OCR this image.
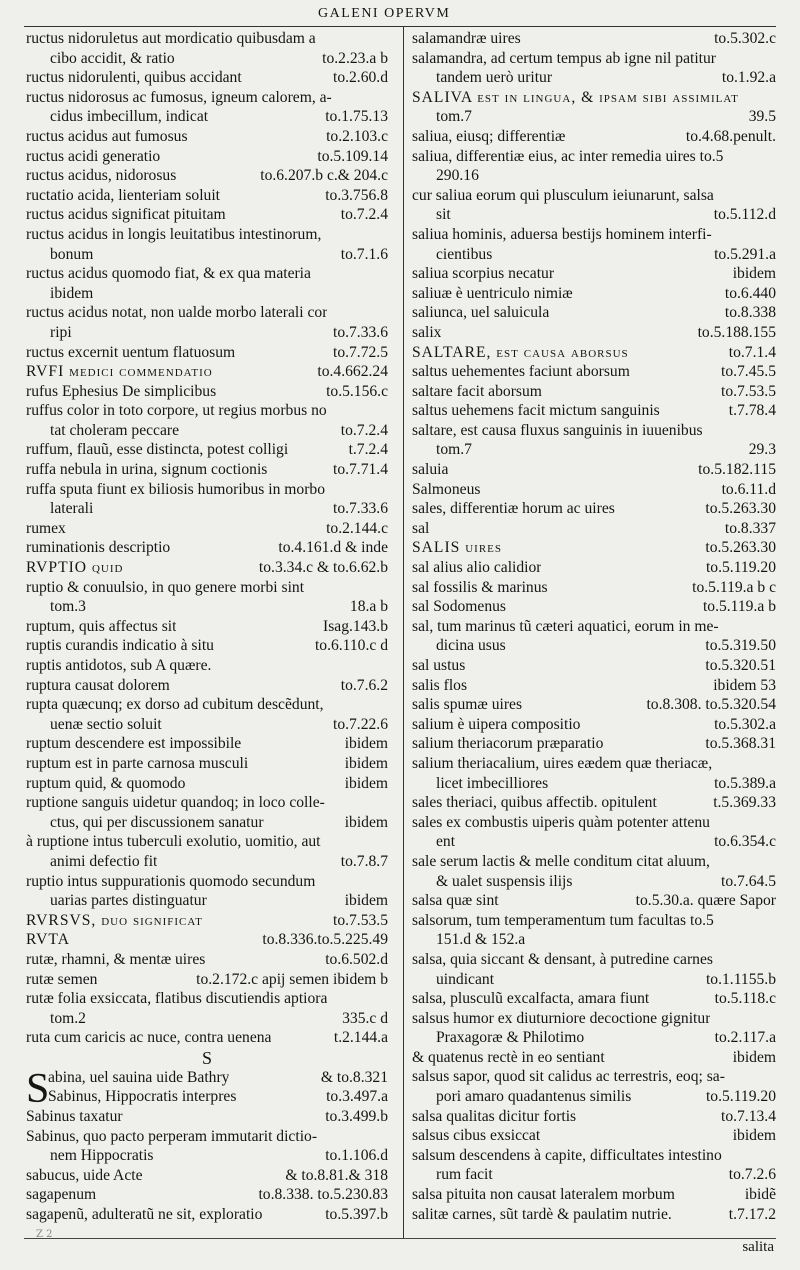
GALENI OPERVM
ructus nidoruletus aut mordicatio quibusdam a
cibo accidit, & ratio	to.2.23.a b
ructus nidorulenti, quibus accidant	to.2.60.d
ructus nidorosus ac fumosus, igneum calorem, a-
cidus imbecillum, indicat	to.1.75.13
ructus acidus aut fumosus	to.2.103.c
ructus acidi generatio	to.5.109.14
ructus acidus, nidorosus	to.6.207.b c.& 204.c
ructatio acida, lienteriam soluit	to.3.756.8
ructus acidus significat pituitam	to.7.2.4
ructus acidus in longis leuitatibus intestinorum,
bonum	to.7.1.6
ructus acidus quomodo fiat, & ex qua materia
ibidem
ructus acidus notat, non ualde morbo laterali cor
ripi	to.7.33.6
ructus excernit uentum flatuosum	to.7.72.5
RVFI medici commendatio	to.4.662.24
rufus Ephesius De simplicibus	to.5.156.c
ruffus color in toto corpore, ut regius morbus no
tat choleram peccare	to.7.2.4
ruffum, flauũ, esse distincta, potest colligi	t.7.2.4
ruffa nebula in urina, signum coctionis	to.7.71.4
ruffa sputa fiunt ex biliosis humoribus in morbo
laterali	to.7.33.6
rumex	to.2.144.c
ruminationis descriptio	to.4.161.d & inde
RVPTIO quid	to.3.34.c & to.6.62.b
ruptio & conuulsio, in quo genere morbi sint
tom.3	18.a b
ruptum, quis affectus sit	Isag.143.b
ruptis curandis indicatio à situ	to.6.110.c d
ruptis antidotos, sub A quære.
ruptura causat dolorem	to.7.6.2
rupta quæcunq; ex dorso ad cubitum descẽdunt,
uenæ sectio soluit	to.7.22.6
ruptum descendere est impossibile	ibidem
ruptum est in parte carnosa musculi	ibidem
ruptum quid, & quomodo	ibidem
ruptione sanguis uidetur quandoq; in loco colle-
ctus, qui per discussionem sanatur	ibidem
à ruptione intus tuberculi exolutio, uomitio, aut
animi defectio fit	to.7.8.7
ruptio intus suppurationis quomodo secundum
uarias partes distinguatur	ibidem
RVRSVS, duo significat	to.7.53.5
RVTA	to.8.336.to.5.225.49
rutæ, rhamni, & mentæ uires	to.6.502.d
rutæ semen	to.2.172.c apij semen ibidem b
rutæ folia exsiccata, flatibus discutiendis aptiora
tom.2	335.c d
ruta cum caricis ac nuce, contra uenena	t.2.144.a
S
S
abina, uel sauina uide Bathry	& to.8.321
Sabinus, Hippocratis interpres	to.3.497.a
Sabinus taxatur	to.3.499.b
Sabinus, quo pacto perperam immutarit dictio-
nem Hippocratis	to.1.106.d
sabucus, uide Acte	& to.8.81.& 318
sagapenum	to.8.338. to.5.230.83
sagapenũ, adulteratũ ne sit, exploratio	to.5.397.b
salamandræ uires	to.5.302.c
salamandra, ad certum tempus ab igne nil patitur
tandem uerò uritur	to.1.92.a
SALIVA est in lingua, & ipsam sibi assimilat
tom.7	39.5
saliua, eiusq; differentiæ	to.4.68.penult.
saliua, differentiæ eius, ac inter remedia uires to.5
290.16
cur saliua eorum qui plusculum ieiunarunt, salsa
sit	to.5.112.d
saliua hominis, aduersa bestijs hominem interfi-
cientibus	to.5.291.a
saliua scorpius necatur	ibidem
saliuæ è uentriculo nimiæ	to.6.440
saliunca, uel saluicula	to.8.338
salix	to.5.188.155
SALTARE, est causa aborsus	to.7.1.4
saltus uehementes faciunt aborsum	to.7.45.5
saltare facit aborsum	to.7.53.5
saltus uehemens facit mictum sanguinis	t.7.78.4
saltare, est causa fluxus sanguinis in iuuenibus
tom.7	29.3
saluia	to.5.182.115
Salmoneus	to.6.11.d
sales, differentiæ horum ac uires	to.5.263.30
sal	to.8.337
SALIS uires	to.5.263.30
sal alius alio calidior	to.5.119.20
sal fossilis & marinus	to.5.119.a b c
sal Sodomenus	to.5.119.a b
sal, tum marinus tũ cæteri aquatici, eorum in me-
dicina usus	to.5.319.50
sal ustus	to.5.320.51
salis flos	ibidem 53
salis spumæ uires	to.8.308. to.5.320.54
salium è uipera compositio	to.5.302.a
salium theriacorum præparatio	to.5.368.31
salium theriacalium, uires eædem quæ theriacæ,
licet imbecilliores	to.5.389.a
sales theriaci, quibus affectib. opitulent	t.5.369.33
sales ex combustis uiperis quàm potenter attenu
ent	to.6.354.c
sale serum lactis & melle conditum citat aluum,
& ualet suspensis ilijs	to.7.64.5
salsa quæ sint	to.5.30.a. quære Sapor
salsorum, tum temperamentum tum facultas to.5
151.d & 152.a
salsa, quia siccant & densant, à putredine carnes
uindicant	to.1.1155.b
salsa, plusculũ excalfacta, amara fiunt	to.5.118.c
salsus humor ex diuturniore decoctione gignitur
Praxagoræ & Philotimo	to.2.117.a
& quatenus rectè in eo sentiant	ibidem
salsus sapor, quod sit calidus ac terrestris, eoq; sa-
pori amaro quadantenus similis	to.5.119.20
salsa qualitas dicitur fortis	to.7.13.4
salsus cibus exsiccat	ibidem
salsum descendens à capite, difficultates intestino
rum facit	to.7.2.6
salsa pituita non causat lateralem morbum	ibidẽ
salitæ carnes, sũt tardè & paulatim nutrie.	t.7.17.2
Z 2
salita
